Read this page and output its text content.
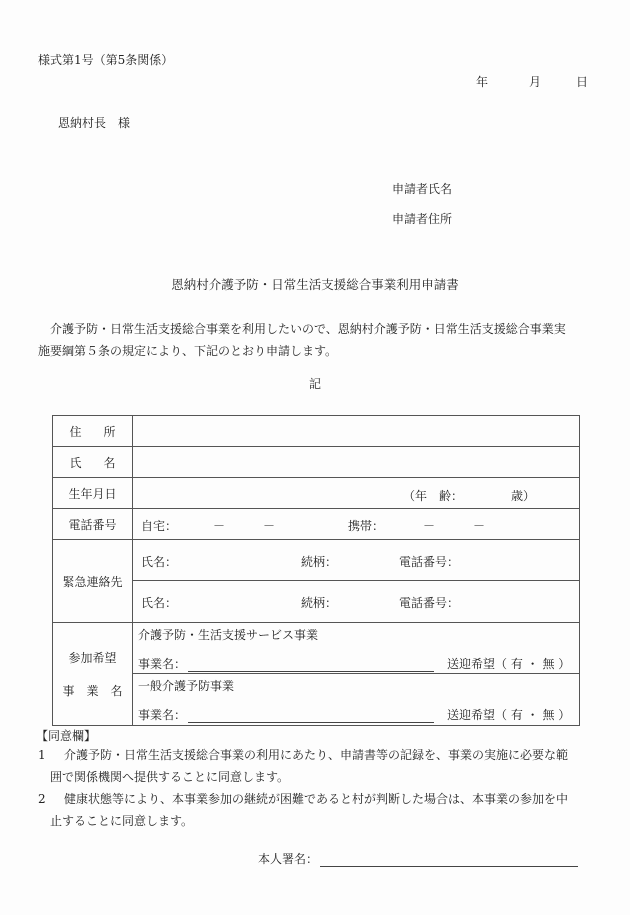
様式第1号（第5条関係）
年	月	日
恩納村長　様
申請者氏名
申請者住所
恩納村介護予防・日常生活支援総合事業利用申請書

　介護予防・日常生活支援総合事業を利用したいので、恩納村介護予防・日常生活支援総合事業実

施要綱第５条の規定により、下記のとおり申請します。

記
住 所
氏 名
生年月日	（年　齢：	歳）
電話番号	自宅：	－	－	携帯：	－	－
緊急連絡先
氏名：	続柄：	電話番号：
氏名：	続柄：	電話番号：
参加希望
事 業 名
介護予防・生活支援サービス事業
事業名：	送迎希望（ 有 ・ 無 ）
一般介護予防事業
事業名：	送迎希望（ 有 ・ 無 ）
【同意欄】
1 介護予防・日常生活支援総合事業の利用にあたり、申請書等の記録を、事業の実施に必要な範
囲で関係機関へ提供することに同意します。
2 健康状態等により、本事業参加の継続が困難であると村が判断した場合は、本事業の参加を中
止することに同意します。
本人署名：
